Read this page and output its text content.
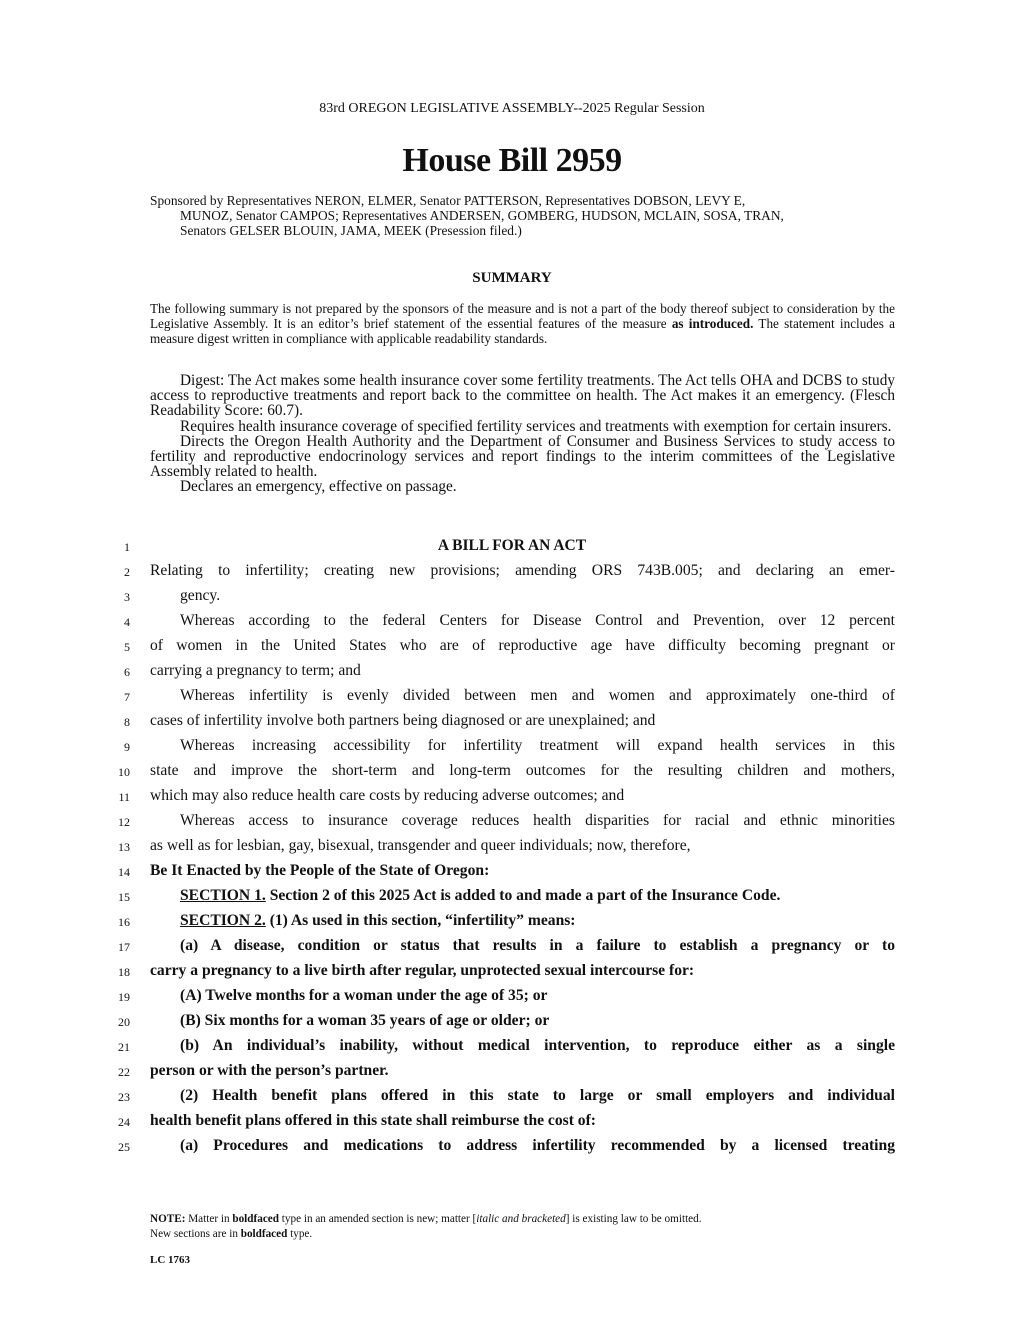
83rd OREGON LEGISLATIVE ASSEMBLY--2025 Regular Session
House Bill 2959
Sponsored by Representatives NERON, ELMER, Senator PATTERSON, Representatives DOBSON, LEVY E,
MUNOZ, Senator CAMPOS; Representatives ANDERSEN, GOMBERG, HUDSON, MCLAIN, SOSA, TRAN,
Senators GELSER BLOUIN, JAMA, MEEK (Presession filed.)
SUMMARY
The following summary is not prepared by the sponsors of the measure and is not a part of the body thereof subject to consideration by the Legislative Assembly. It is an editor’s brief statement of the essential features of the measure as introduced. The statement includes a measure digest written in compliance with applicable readability standards.

Digest: The Act makes some health insurance cover some fertility treatments. The Act tells OHA and DCBS to study access to reproductive treatments and report back to the committee on health. The Act makes it an emergency. (Flesch Readability Score: 60.7).

Requires health insurance coverage of specified fertility services and treatments with exemption for certain insurers.

Directs the Oregon Health Authority and the Department of Consumer and Business Services to study access to fertility and reproductive endocrinology services and report findings to the interim committees of the Legislative Assembly related to health.

Declares an emergency, effective on passage.

1
2
3
4
5
6
7
8
9
10
11
12
13
14
15
16
17
18
19
20
21
22
23
24
25
A BILL FOR AN ACT
Relating to infertility; creating new provisions; amending ORS 743B.005; and declaring an emer-
gency.
Whereas according to the federal Centers for Disease Control and Prevention, over 12 percent
of women in the United States who are of reproductive age have difficulty becoming pregnant or
carrying a pregnancy to term; and
Whereas infertility is evenly divided between men and women and approximately one-third of
cases of infertility involve both partners being diagnosed or are unexplained; and
Whereas increasing accessibility for infertility treatment will expand health services in this
state and improve the short-term and long-term outcomes for the resulting children and mothers,
which may also reduce health care costs by reducing adverse outcomes; and
Whereas access to insurance coverage reduces health disparities for racial and ethnic minorities
as well as for lesbian, gay, bisexual, transgender and queer individuals; now, therefore,
Be It Enacted by the People of the State of Oregon:
SECTION 1. Section 2 of this 2025 Act is added to and made a part of the Insurance Code.
SECTION 2. (1) As used in this section, “infertility” means:
(a) A disease, condition or status that results in a failure to establish a pregnancy or to
carry a pregnancy to a live birth after regular, unprotected sexual intercourse for:
(A) Twelve months for a woman under the age of 35; or
(B) Six months for a woman 35 years of age or older; or
(b) An individual’s inability, without medical intervention, to reproduce either as a single
person or with the person’s partner.
(2) Health benefit plans offered in this state to large or small employers and individual
health benefit plans offered in this state shall reimburse the cost of:
(a) Procedures and medications to address infertility recommended by a licensed treating
NOTE: Matter in boldfaced type in an amended section is new; matter [italic and bracketed] is existing law to be omitted.
New sections are in boldfaced type.
LC 1763
